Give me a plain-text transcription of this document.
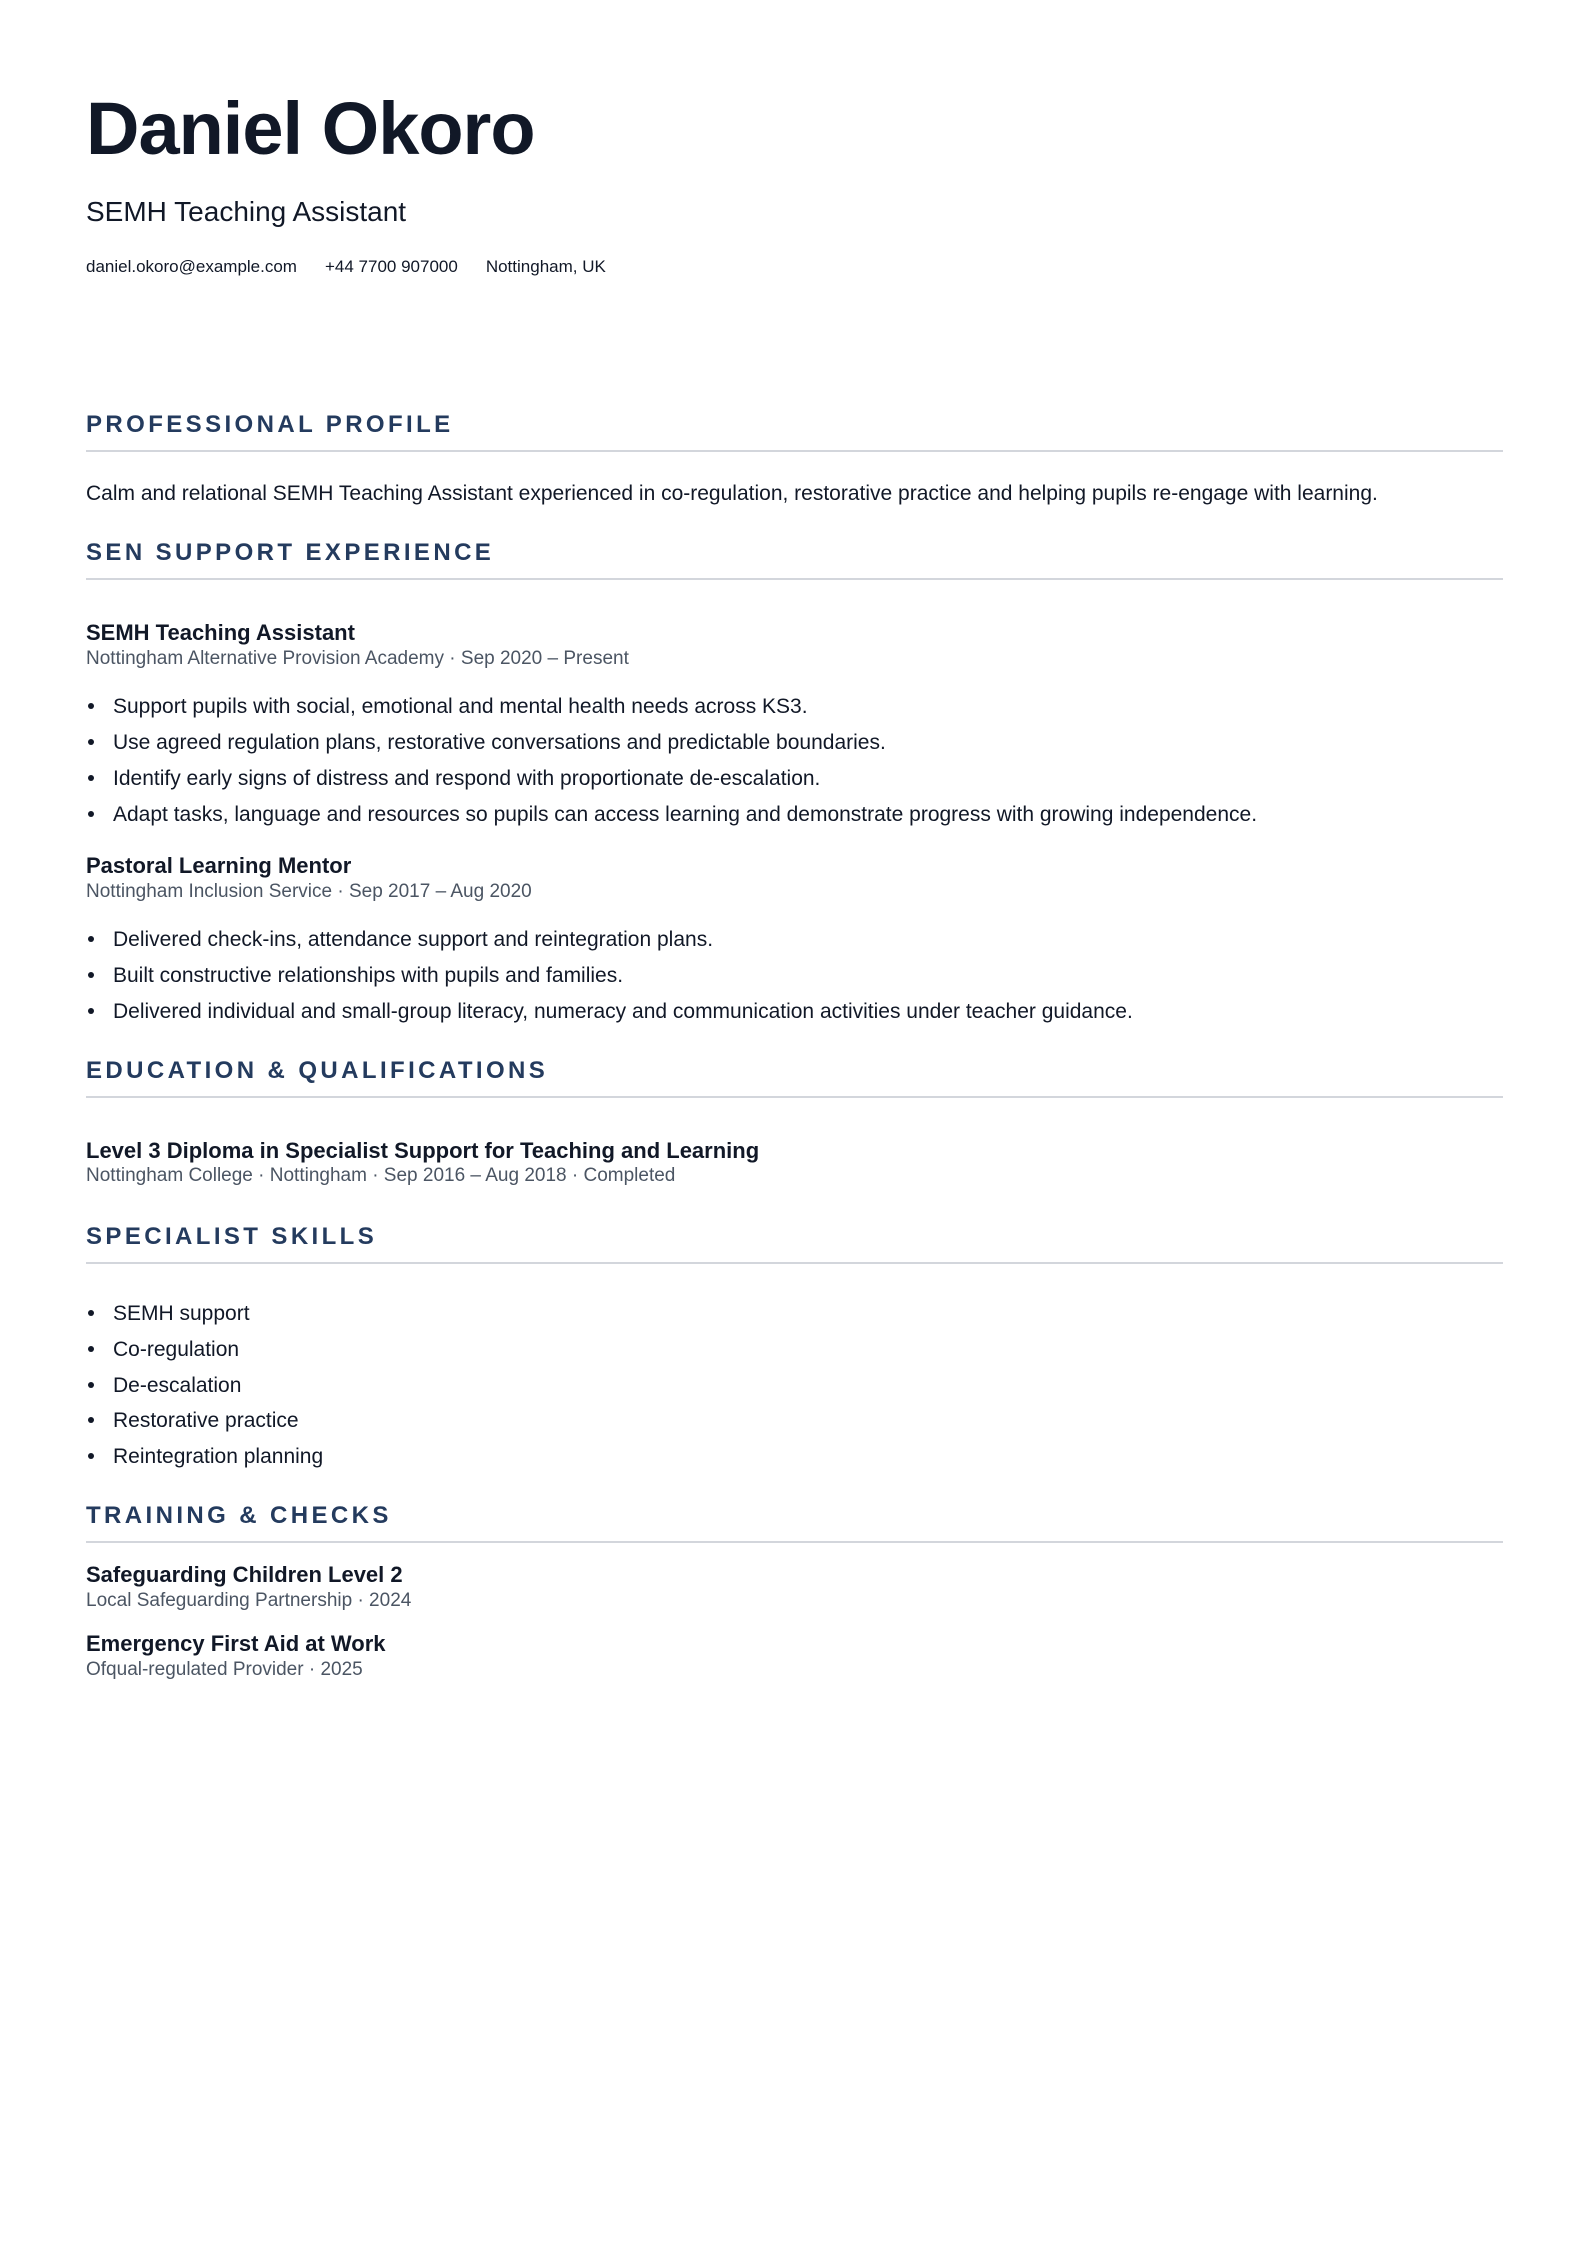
Daniel Okoro

SEMH Teaching Assistant

daniel.okoro@example.com +44 7700 907000 Nottingham, UK
PROFESSIONAL PROFILE

Calm and relational SEMH Teaching Assistant experienced in co-regulation, restorative practice and helping pupils re-engage with learning.

SEN SUPPORT EXPERIENCE

SEMH Teaching Assistant

Nottingham Alternative Provision Academy · Sep 2020 – Present

Support pupils with social, emotional and mental health needs across KS3.

Use agreed regulation plans, restorative conversations and predictable boundaries.

Identify early signs of distress and respond with proportionate de-escalation.

Adapt tasks, language and resources so pupils can access learning and demonstrate progress with growing independence.

Pastoral Learning Mentor

Nottingham Inclusion Service · Sep 2017 – Aug 2020

Delivered check-ins, attendance support and reintegration plans.

Built constructive relationships with pupils and families.

Delivered individual and small-group literacy, numeracy and communication activities under teacher guidance.

EDUCATION & QUALIFICATIONS

Level 3 Diploma in Specialist Support for Teaching and Learning

Nottingham College · Nottingham · Sep 2016 – Aug 2018 · Completed

SPECIALIST SKILLS

SEMH support

Co-regulation

De-escalation

Restorative practice

Reintegration planning

TRAINING & CHECKS

Safeguarding Children Level 2

Local Safeguarding Partnership · 2024

Emergency First Aid at Work

Ofqual-regulated Provider · 2025
